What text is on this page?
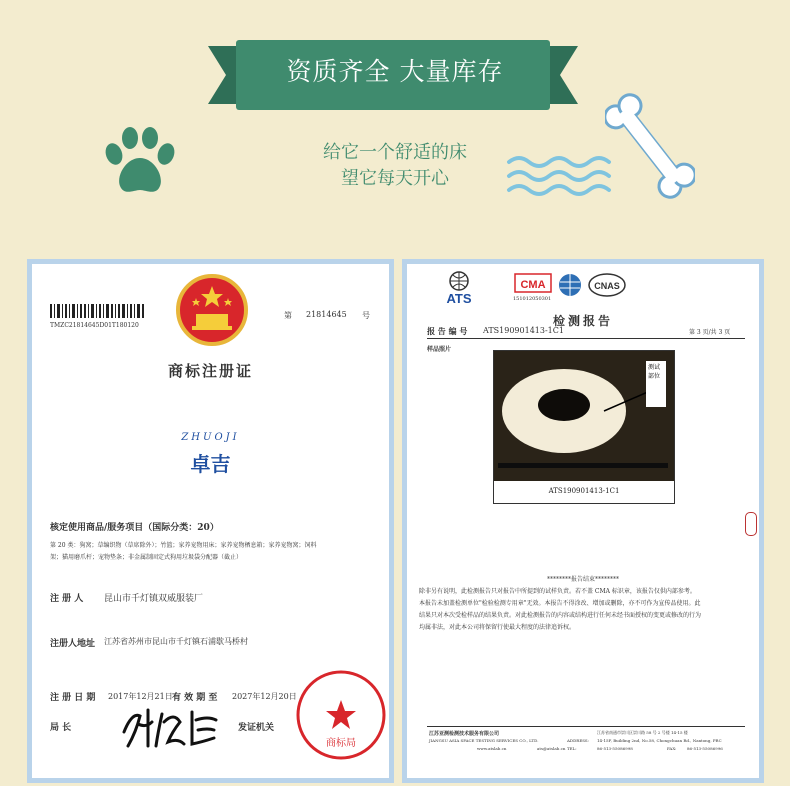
资质齐全 大量库存
给它一个舒适的床
望它每天开心
TMZC21814645D01T180120
第 21814645 号
商标注册证
ZHUOJI
卓吉
核定使用商品/服务项目（国际分类：20）
第 20 类：狗窝；草编织物（草席除外）；竹篮；家养宠物用床；家养宠物栖息箱；家养宠物窝；饲料
架；猫用磨爪杆；宠物垫条；非金属制固定式狗用垃圾袋分配器（截止）
注 册 人 昆山市千灯镇双威服装厂
注册人地址 江苏省苏州市昆山市千灯镇石浦歇马桥村
注 册 日 期 2017年12月21日 有 效 期 至 2027年12月20日
局 长	发证机关
商标局
ATS
CMA
151012050301
CNAS
检测报告
报 告 编 号 ATS190901413-1C1	第 3 页/共 3 页
样品照片
测试部位
ATS190901413-1C1
********报告结束********
除非另有说明，此检测报告只对报告中所提到的试样负责。若不盖 CMA 标识章，该报告仅供内部参考。
本报告未加盖检测单位"检验检测专用章"无效。本报告不得涂改、增加或删除，亦不可作为宣传品使用。此
结果只对本次受检样品的结果负责。对此检测报告的内容或结构进行任何未经书面授权的变更或修改的行为
均属非法，对此本公司将保留行使最大程度的法律追诉权。
江苏亚测检测技术服务有限公司
JIANGSU ASIA SPACE TESTING SERVICES CO., LTD.
www.atslab.cn	ats@atslab.cn
江苏省南通市崇川区崇川路 58 号 2 号楼 14-15 楼
ADDRESS: 14-15F, Building 2nd, No.58, Chongchuan Rd., Nantong, PRC
TEL:	86-513-55086998	FAX:	86-513-55086996
